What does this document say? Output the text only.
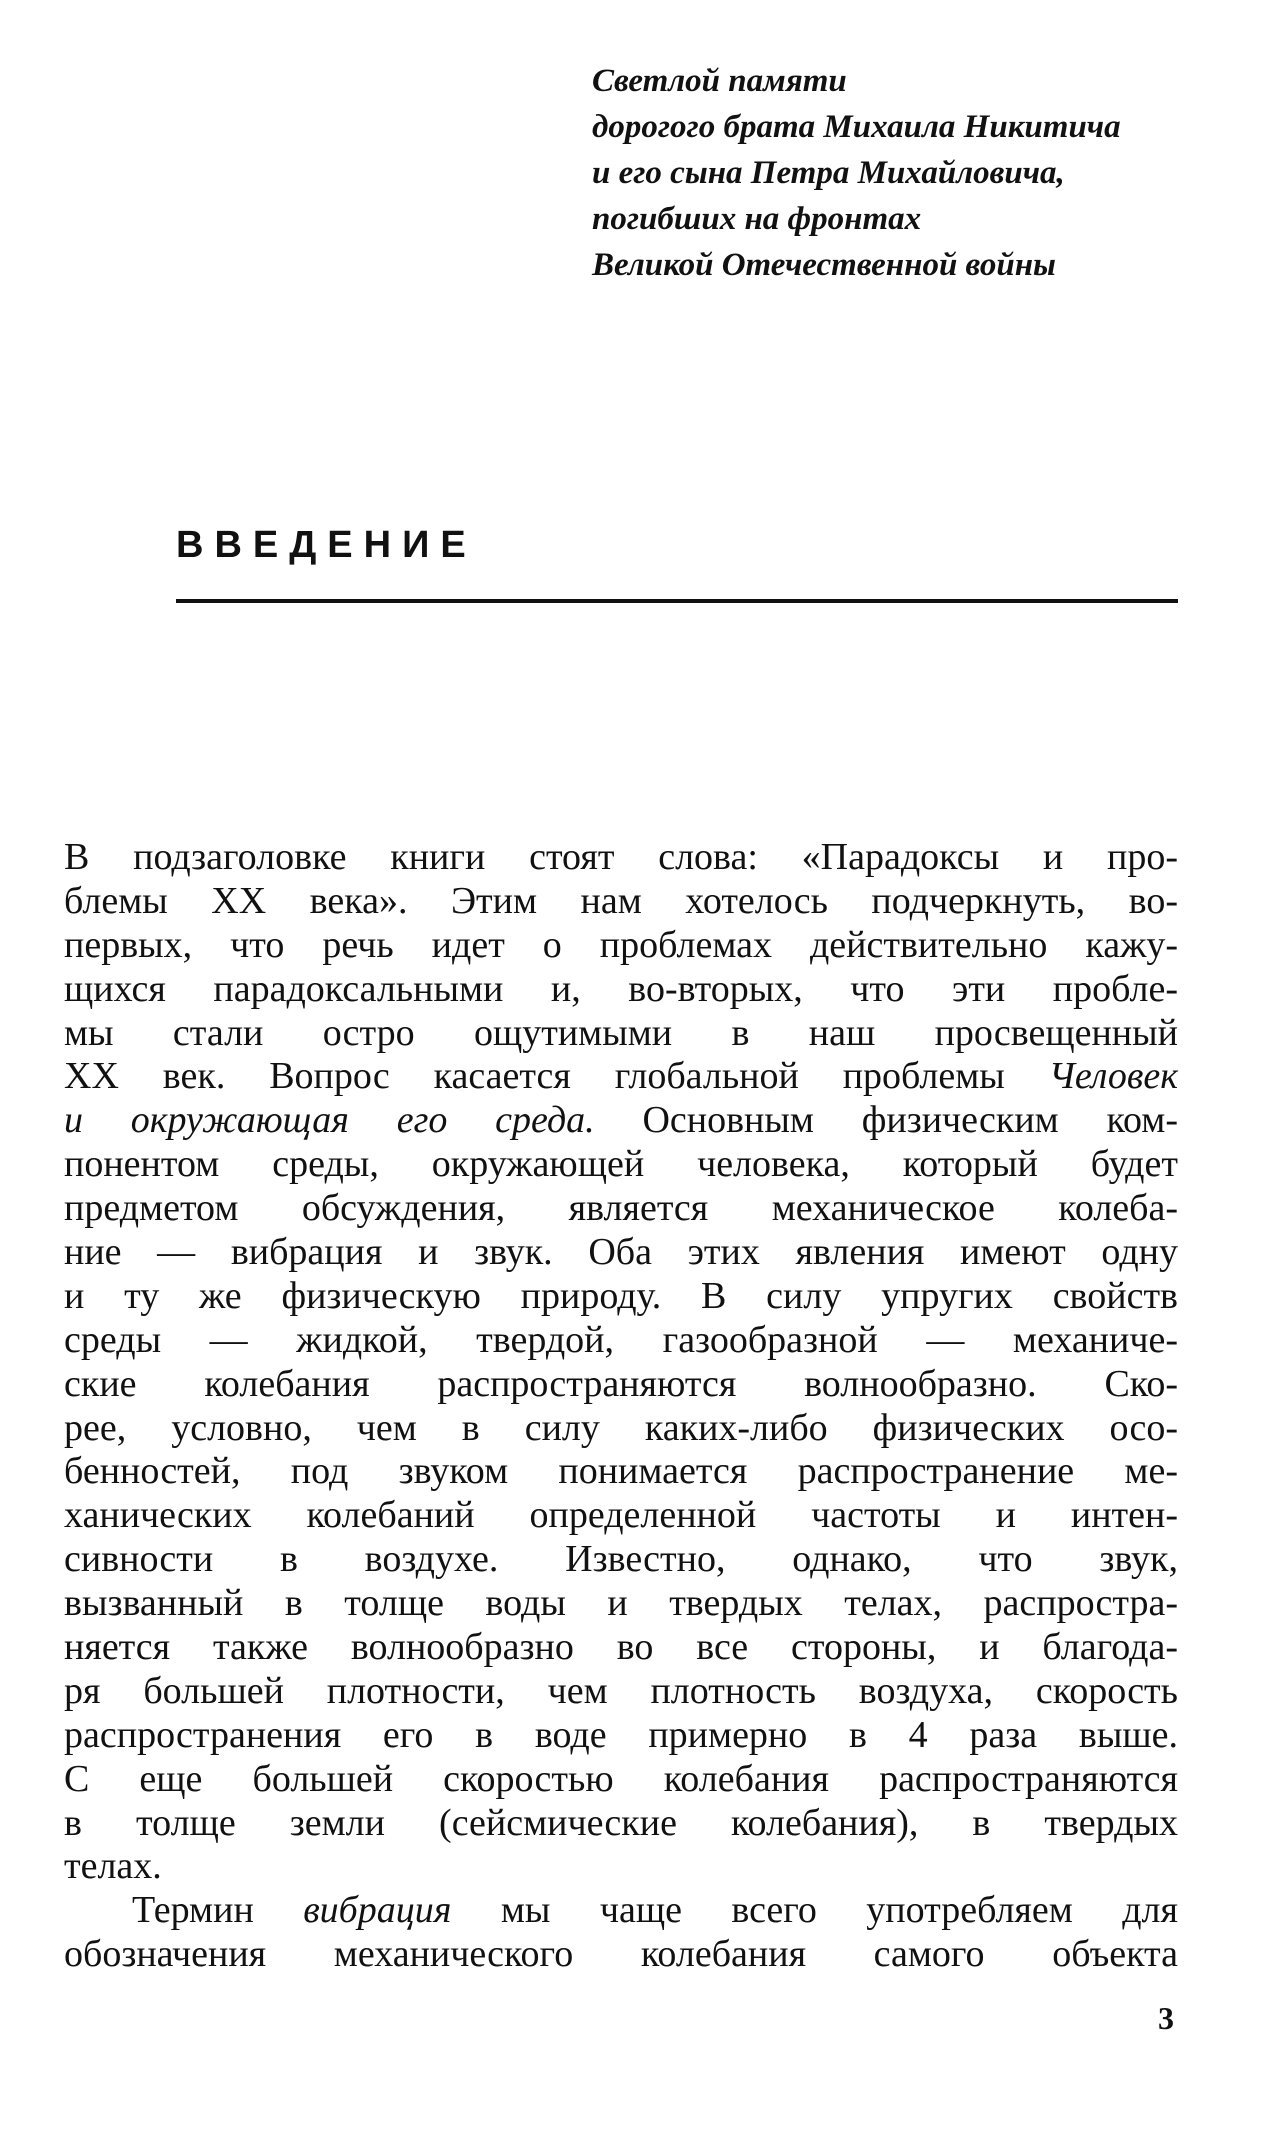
Светлой памяти
дорогого брата Михаила Никитича
и его сына Петра Михайловича,
погибших на фронтах
Великой Отечественной войны
ВВЕДЕНИЕ
В подзаголовке книги стоят слова: «Парадоксы и про-
блемы XX века». Этим нам хотелось подчеркнуть, во-
первых, что речь идет о проблемах действительно кажу-
щихся парадоксальными и, во-вторых, что эти пробле-
мы стали остро ощутимыми в наш просвещенный
XX век. Вопрос касается глобальной проблемы Человек
и окружающая его среда. Основным физическим ком-
понентом среды, окружающей человека, который будет
предметом обсуждения, является механическое колеба-
ние — вибрация и звук. Оба этих явления имеют одну
и ту же физическую природу. В силу упругих свойств
среды — жидкой, твердой, газообразной — механиче-
ские колебания распространяются волнообразно. Ско-
рее, условно, чем в силу каких-либо физических осо-
бенностей, под звуком понимается распространение ме-
ханических колебаний определенной частоты и интен-
сивности в воздухе. Известно, однако, что звук,
вызванный в толще воды и твердых телах, распростра-
няется также волнообразно во все стороны, и благода-
ря большей плотности, чем плотность воздуха, скорость
распространения его в воде примерно в 4 раза выше.
С еще большей скоростью колебания распространяются
в толще земли (сейсмические колебания), в твердых
телах.
Термин вибрация мы чаще всего употребляем для
обозначения механического колебания самого объекта
3
